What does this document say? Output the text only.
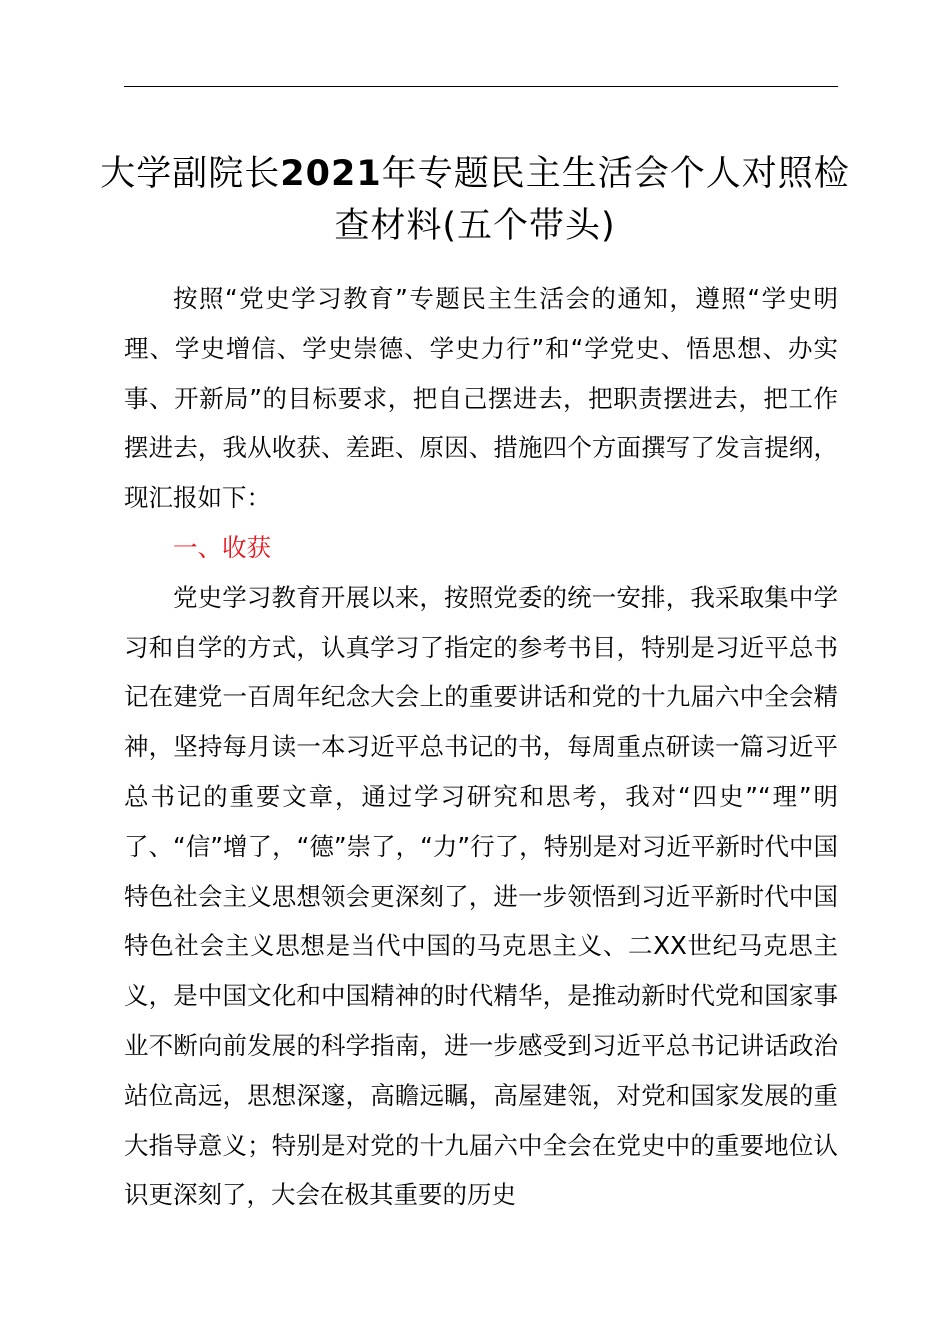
大学副院长2021年专题民主生活会个人对照检查材料(五个带头)

按照“党史学习教育”专题民主生活会的通知，遵照“学史明理、学史增信、学史崇德、学史力行”和“学党史、悟思想、办实事、开新局”的目标要求，把自己摆进去，把职责摆进去，把工作摆进去，我从收获、差距、原因、措施四个方面撰写了发言提纲，现汇报如下：

一、收获

党史学习教育开展以来，按照党委的统一安排，我采取集中学习和自学的方式，认真学习了指定的参考书目，特别是习近平总书记在建党一百周年纪念大会上的重要讲话和党的十九届六中全会精神，坚持每月读一本习近平总书记的书，每周重点研读一篇习近平总书记的重要文章，通过学习研究和思考，我对“四史”“理”明了、“信”增了，“德”崇了，“力”行了，特别是对习近平新时代中国特色社会主义思想领会更深刻了，进一步领悟到习近平新时代中国特色社会主义思想是当代中国的马克思主义、二XX世纪马克思主义，是中国文化和中国精神的时代精华，是推动新时代党和国家事业不断向前发展的科学指南，进一步感受到习近平总书记讲话政治站位高远，思想深邃，高瞻远瞩，高屋建瓴，对党和国家发展的重大指导意义；特别是对党的十九届六中全会在党史中的重要地位认识更深刻了，大会在极其重要的历史
